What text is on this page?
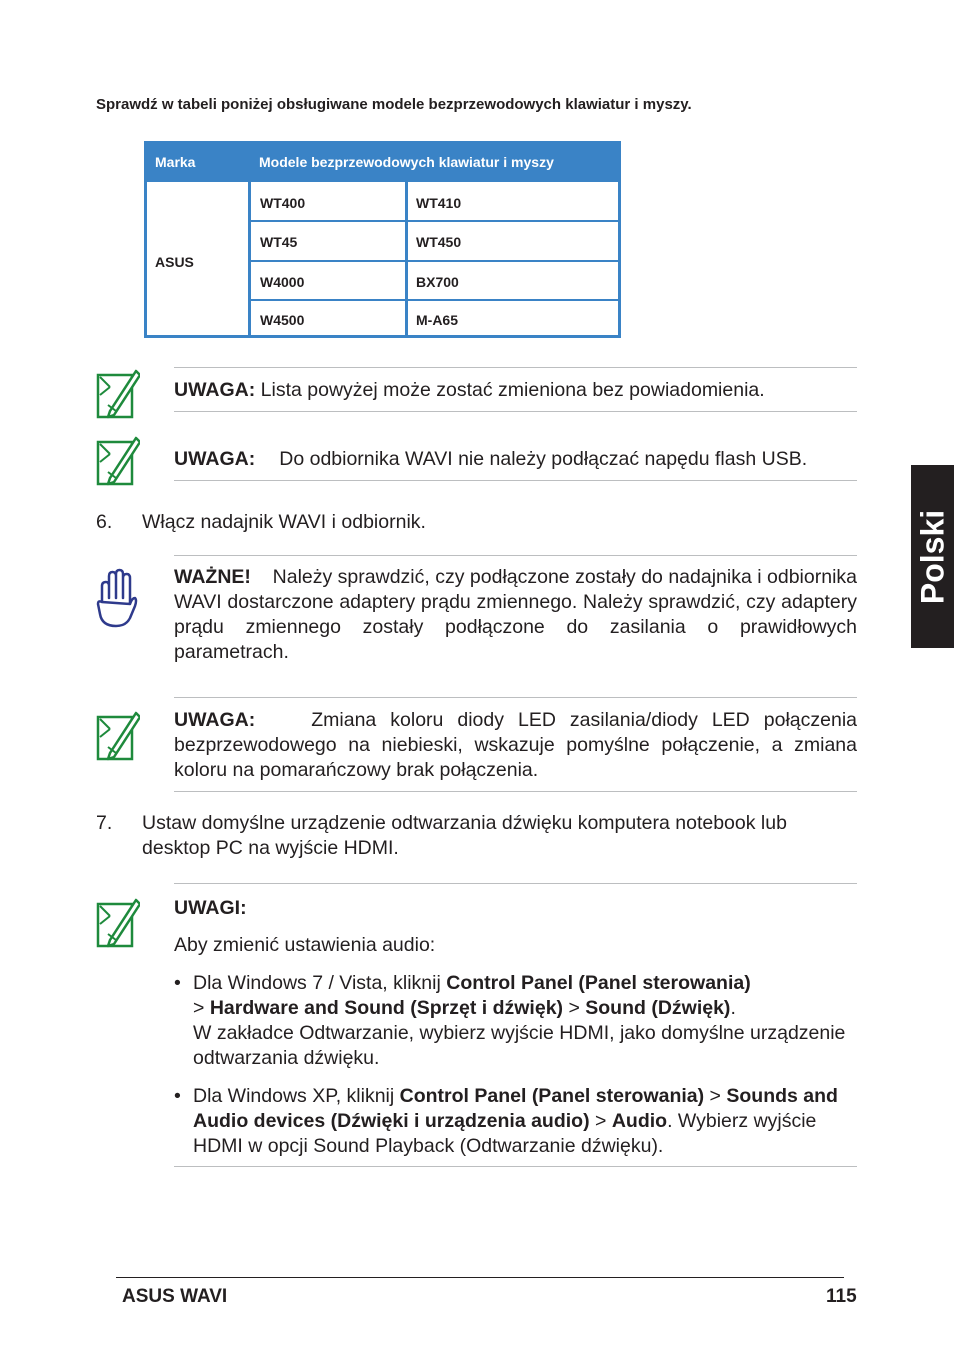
Sprawdź w tabeli poniżej obsługiwane modele bezprzewodowych klawiatur i myszy.
Marka	Modele bezprzewodowych klawiatur i myszy
ASUS
WT400	WT410
WT45	WT450
W4000	BX700
W4500	M-A65
UWAGA: Lista powyżej może zostać zmieniona bez powiadomienia.
UWAGA: Do odbiornika WAVI nie należy podłączać napędu flash USB.
6. Włącz nadajnik WAVI i odbiornik.
WAŻNE! Należy sprawdzić, czy podłączone zostały do nadajnika i odbiornika WAVI dostarczone adaptery prądu zmiennego. Należy sprawdzić, czy adaptery prądu zmiennego zostały podłączone do zasilania o prawidłowych parametrach.
UWAGA:	Zmiana koloru diody LED zasilania/diody LED połączenia bezprzewodowego na niebieski, wskazuje pomyślne połączenie, a zmiana koloru na pomarańczowy brak połączenia.
7. Ustaw domyślne urządzenie odtwarzania dźwięku komputera notebook lub desktop PC na wyjście HDMI.
UWAGI:
Aby zmienić ustawienia audio:
• Dla Windows 7 / Vista, kliknij Control Panel (Panel sterowania)
> Hardware and Sound (Sprzęt i dźwięk) > Sound (Dźwięk).
W zakładce Odtwarzanie, wybierz wyjście HDMI, jako domyślne urządzenie odtwarzania dźwięku.
• Dla Windows XP, kliknij Control Panel (Panel sterowania) > Sounds and Audio devices (Dźwięki i urządzenia audio) > Audio. Wybierz wyjście HDMI w opcji Sound Playback (Odtwarzanie dźwięku).
Polski
ASUS WAVI	115
